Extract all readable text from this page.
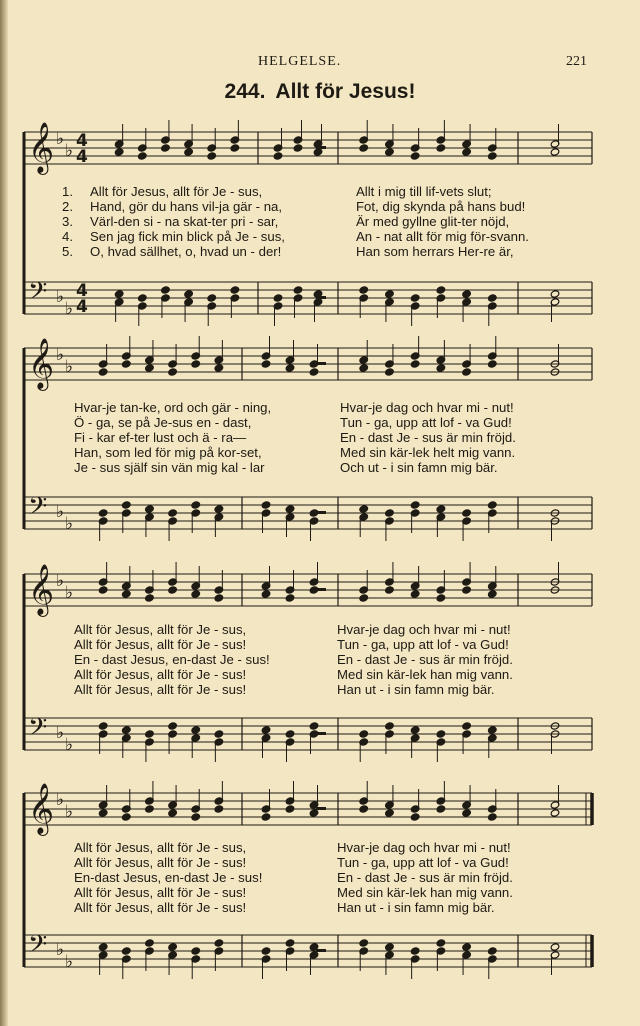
HELGELSE.	221
244. Allt för Jesus!
𝄞 ♭
♭ 4
4
𝄢 ♭
♭
4
4
1. Allt för Jesus, allt för Je - sus,	Allt i mig till lif-vets slut;
2. Hand, gör du hans vil-ja gär - na,	Fot, dig skynda på hans bud!
3. Värl-den si - na skat-ter pri - sar,	Är med gyllne glit-ter nöjd,
4. Sen jag fick min blick på Je - sus,	An - nat allt för mig för-svann.
5. O, hvad sällhet, o, hvad un - der!	Han som herrars Her-re är,
𝄞 ♭
♭
𝄢 ♭
♭
Hvar-je tan-ke, ord och gär - ning,	Hvar-je dag och hvar mi - nut!
Ö - ga, se på Je-sus en - dast,	Tun - ga, upp att lof - va Gud!
Fi - kar ef-ter lust och ä - ra—	En - dast Je - sus är min fröjd.
Han, som led för mig på kor-set,	Med sin kär-lek helt mig vann.
Je - sus själf sin vän mig kal - lar	Och ut - i sin famn mig bär.
𝄞 ♭
♭
𝄢 ♭
♭
Allt för Jesus, allt för Je - sus,	Hvar-je dag och hvar mi - nut!
Allt för Jesus, allt för Je - sus!	Tun - ga, upp att lof - va Gud!
En - dast Jesus, en-dast Je - sus!	En - dast Je - sus är min fröjd.
Allt för Jesus, allt för Je - sus!	Med sin kär-lek han mig vann.
Allt för Jesus, allt för Je - sus!	Han ut - i sin famn mig bär.
𝄞 ♭
♭
𝄢 ♭
♭
Allt för Jesus, allt för Je - sus,	Hvar-je dag och hvar mi - nut!
Allt för Jesus, allt för Je - sus!	Tun - ga, upp att lof - va Gud!
En-dast Jesus, en-dast Je - sus!	En - dast Je - sus är min fröjd.
Allt för Jesus, allt för Je - sus!	Med sin kär-lek han mig vann.
Allt för Jesus, allt för Je - sus!	Han ut - i sin famn mig bär.
